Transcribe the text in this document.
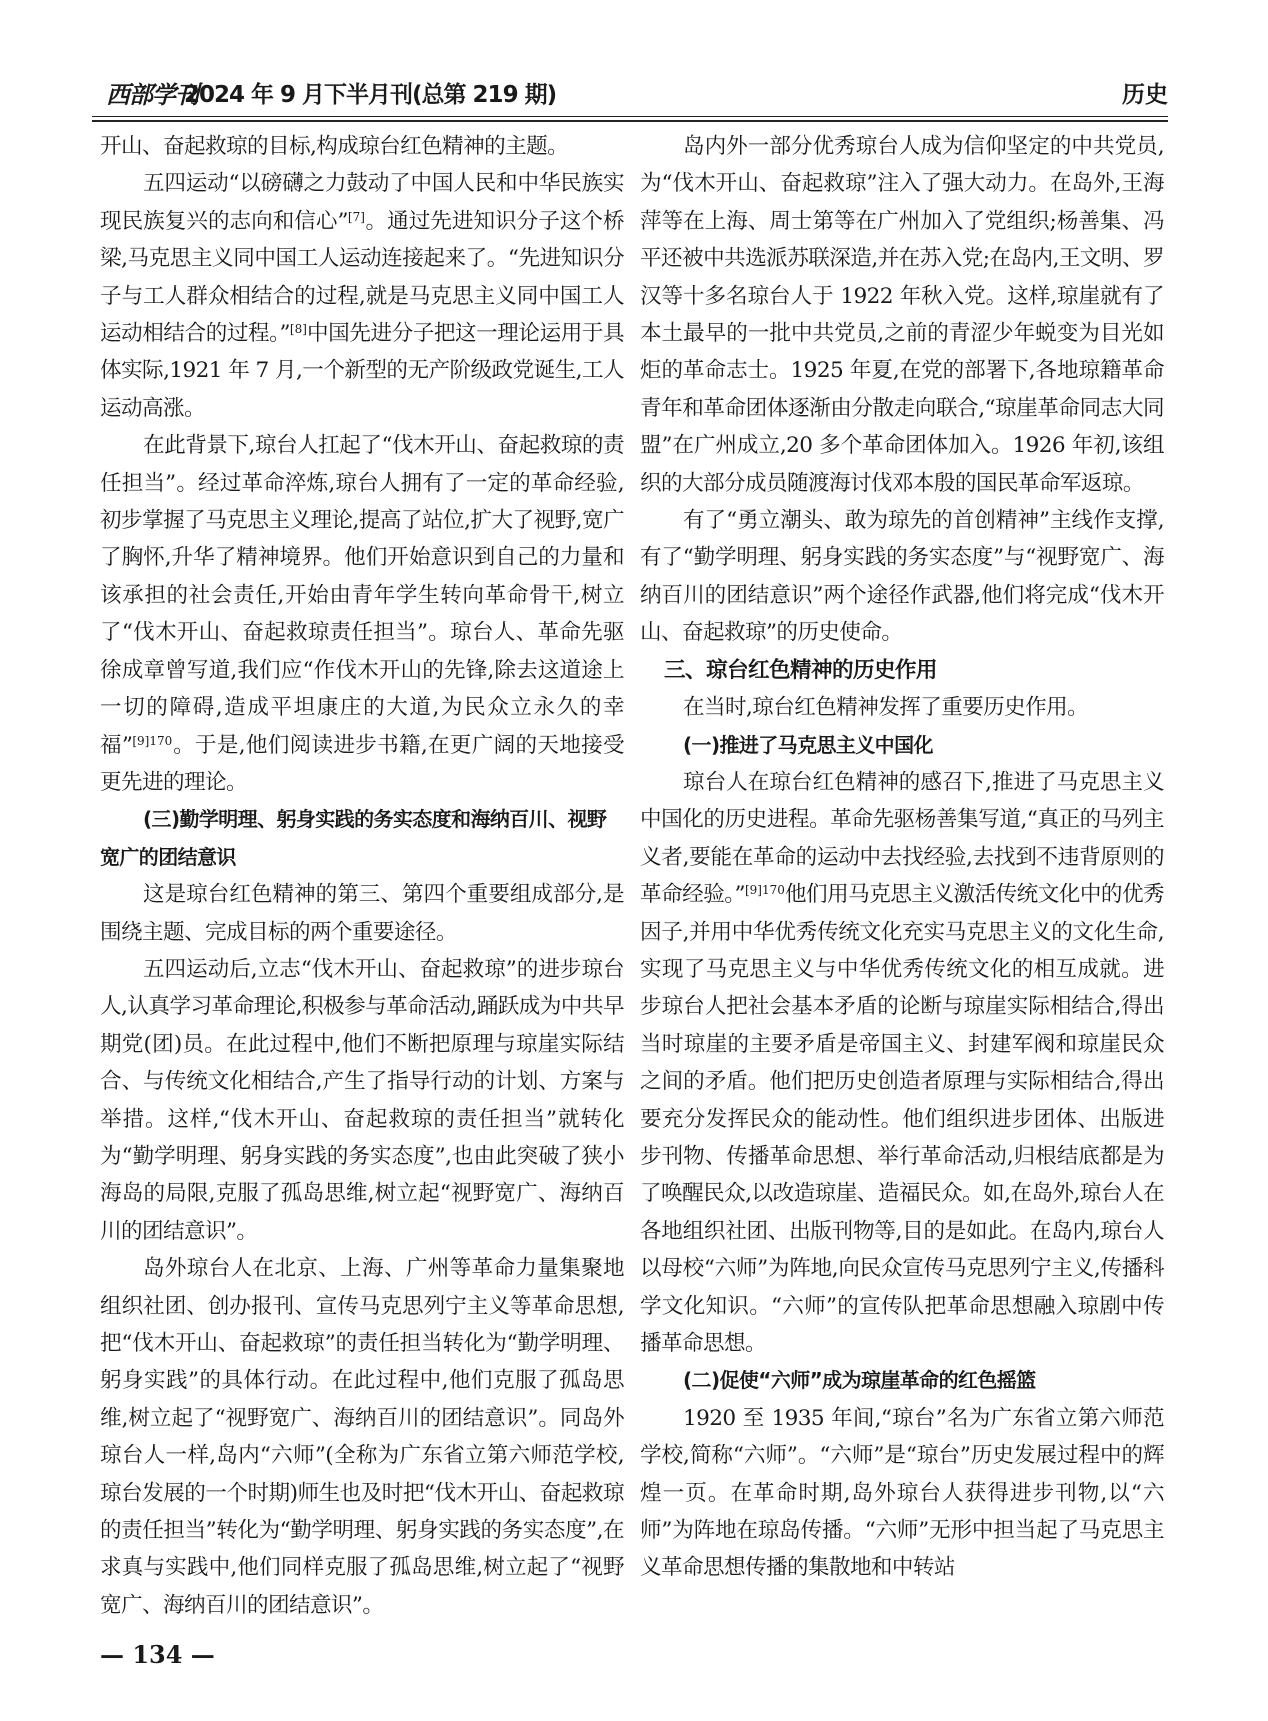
西部学刊
2024 年 9 月下半月刊(总第 219 期)	历史

开山、奋起救琼的目标,构成琼台红色精神的主题。

五四运动“以磅礴之力鼓动了中国人民和中华民族实现民族复兴的志向和信心”[7]。通过先进知识分子这个桥梁,马克思主义同中国工人运动连接起来了。“先进知识分子与工人群众相结合的过程,就是马克思主义同中国工人运动相结合的过程。”[8]中国先进分子把这一理论运用于具体实际,1921 年 7 月,一个新型的无产阶级政党诞生,工人运动高涨。

在此背景下,琼台人扛起了“伐木开山、奋起救琼的责任担当”。经过革命淬炼,琼台人拥有了一定的革命经验,初步掌握了马克思主义理论,提高了站位,扩大了视野,宽广了胸怀,升华了精神境界。他们开始意识到自己的力量和该承担的社会责任,开始由青年学生转向革命骨干,树立了“伐木开山、奋起救琼责任担当”。琼台人、革命先驱徐成章曾写道,我们应“作伐木开山的先锋,除去这道途上一切的障碍,造成平坦康庄的大道,为民众立永久的幸福”$^{[9]170}$。于是,他们阅读进步书籍,在更广阔的天地接受更先进的理论。

(三)勤学明理、躬身实践的务实态度和海纳百川、视野宽广的团结意识

这是琼台红色精神的第三、第四个重要组成部分,是围绕主题、完成目标的两个重要途径。

五四运动后,立志“伐木开山、奋起救琼”的进步琼台人,认真学习革命理论,积极参与革命活动,踊跃成为中共早期党(团)员。在此过程中,他们不断把原理与琼崖实际结合、与传统文化相结合,产生了指导行动的计划、方案与举措。这样,“伐木开山、奋起救琼的责任担当”就转化为“勤学明理、躬身实践的务实态度”,也由此突破了狭小海岛的局限,克服了孤岛思维,树立起“视野宽广、海纳百川的团结意识”。

岛外琼台人在北京、上海、广州等革命力量集聚地组织社团、创办报刊、宣传马克思列宁主义等革命思想,把“伐木开山、奋起救琼”的责任担当转化为“勤学明理、躬身实践”的具体行动。在此过程中,他们克服了孤岛思维,树立起了“视野宽广、海纳百川的团结意识”。同岛外琼台人一样,岛内“六师”(全称为广东省立第六师范学校,琼台发展的一个时期)师生也及时把“伐木开山、奋起救琼的责任担当”转化为“勤学明理、躬身实践的务实态度”,在求真与实践中,他们同样克服了孤岛思维,树立起了“视野宽广、海纳百川的团结意识”。

岛内外一部分优秀琼台人成为信仰坚定的中共党员,为“伐木开山、奋起救琼”注入了强大动力。在岛外,王海萍等在上海、周士第等在广州加入了党组织;杨善集、冯平还被中共选派苏联深造,并在苏入党;在岛内,王文明、罗汉等十多名琼台人于 1922 年秋入党。这样,琼崖就有了本土最早的一批中共党员,之前的青涩少年蜕变为目光如炬的革命志士。1925 年夏,在党的部署下,各地琼籍革命青年和革命团体逐渐由分散走向联合,“琼崖革命同志大同盟”在广州成立,20 多个革命团体加入。1926 年初,该组织的大部分成员随渡海讨伐邓本殷的国民革命军返琼。

有了“勇立潮头、敢为琼先的首创精神”主线作支撑,有了“勤学明理、躬身实践的务实态度”与“视野宽广、海纳百川的团结意识”两个途径作武器,他们将完成“伐木开山、奋起救琼”的历史使命。

三、琼台红色精神的历史作用

在当时,琼台红色精神发挥了重要历史作用。

(一)推进了马克思主义中国化

琼台人在琼台红色精神的感召下,推进了马克思主义中国化的历史进程。革命先驱杨善集写道,“真正的马列主义者,要能在革命的运动中去找经验,去找到不违背原则的革命经验。”$^{[9]170}$他们用马克思主义激活传统文化中的优秀因子,并用中华优秀传统文化充实马克思主义的文化生命,实现了马克思主义与中华优秀传统文化的相互成就。进步琼台人把社会基本矛盾的论断与琼崖实际相结合,得出当时琼崖的主要矛盾是帝国主义、封建军阀和琼崖民众之间的矛盾。他们把历史创造者原理与实际相结合,得出要充分发挥民众的能动性。他们组织进步团体、出版进步刊物、传播革命思想、举行革命活动,归根结底都是为了唤醒民众,以改造琼崖、造福民众。如,在岛外,琼台人在各地组织社团、出版刊物等,目的是如此。在岛内,琼台人以母校“六师”为阵地,向民众宣传马克思列宁主义,传播科学文化知识。“六师”的宣传队把革命思想融入琼剧中传播革命思想。

(二)促使“六师”成为琼崖革命的红色摇篮

1920 至 1935 年间,“琼台”名为广东省立第六师范学校,简称“六师”。“六师”是“琼台”历史发展过程中的辉煌一页。在革命时期,岛外琼台人获得进步刊物,以“六师”为阵地在琼岛传播。“六师”无形中担当起了马克思主义革命思想传播的集散地和中转站

— 134 —
